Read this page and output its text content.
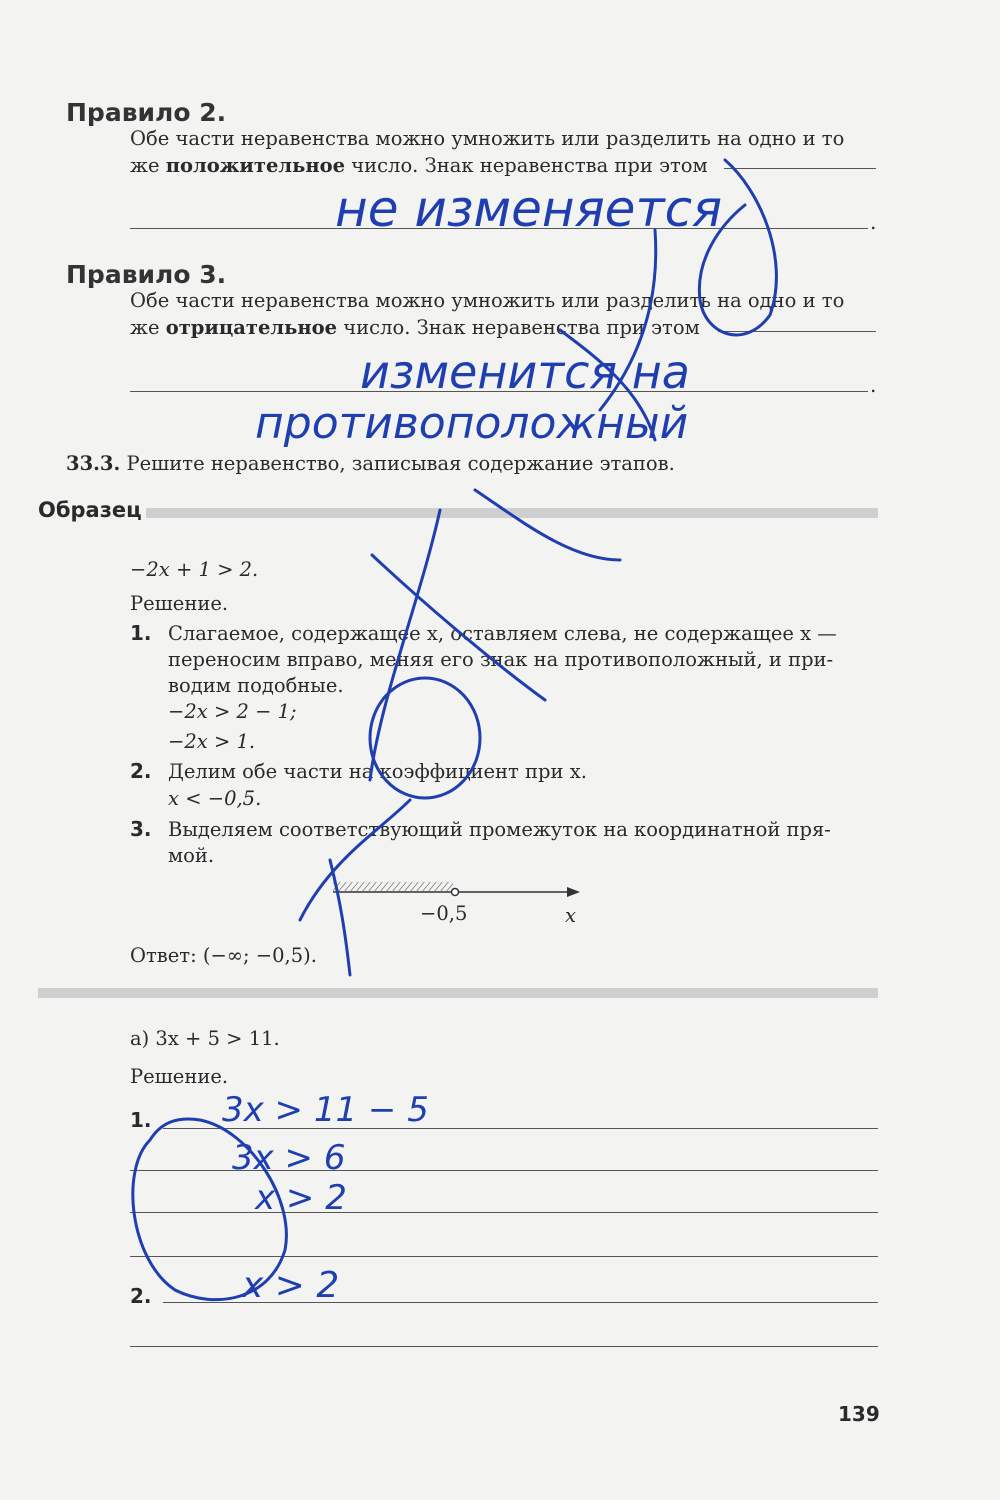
Правило 2.
Обе части неравенства можно умножить или разделить на одно и то
же положительное число. Знак неравенства при этом
.
не изменяется
Правило 3.
Обе части неравенства можно умножить или разделить на одно и то
же отрицательное число. Знак неравенства при этом
.
изменится на
противоположный
33.3. Решите неравенство, записывая содержание этапов.
Образец
−2x + 1 > 2.
Решение.
1. Слагаемое, содержащее x, оставляем слева, не содержащее x —
переносим вправо, меняя его знак на противоположный, и при-
водим подобные.
−2x > 2 − 1;
−2x > 1.
2. Делим обе части на коэффициент при x.
x < −0,5.
3. Выделяем соответствующий промежуток на координатной пря-
мой.
−0,5	x
Ответ: (−∞; −0,5).
а) 3x + 5 > 11.
Решение.
1.
2.
3x > 11 − 5
3x > 6
x > 2
x > 2
139
